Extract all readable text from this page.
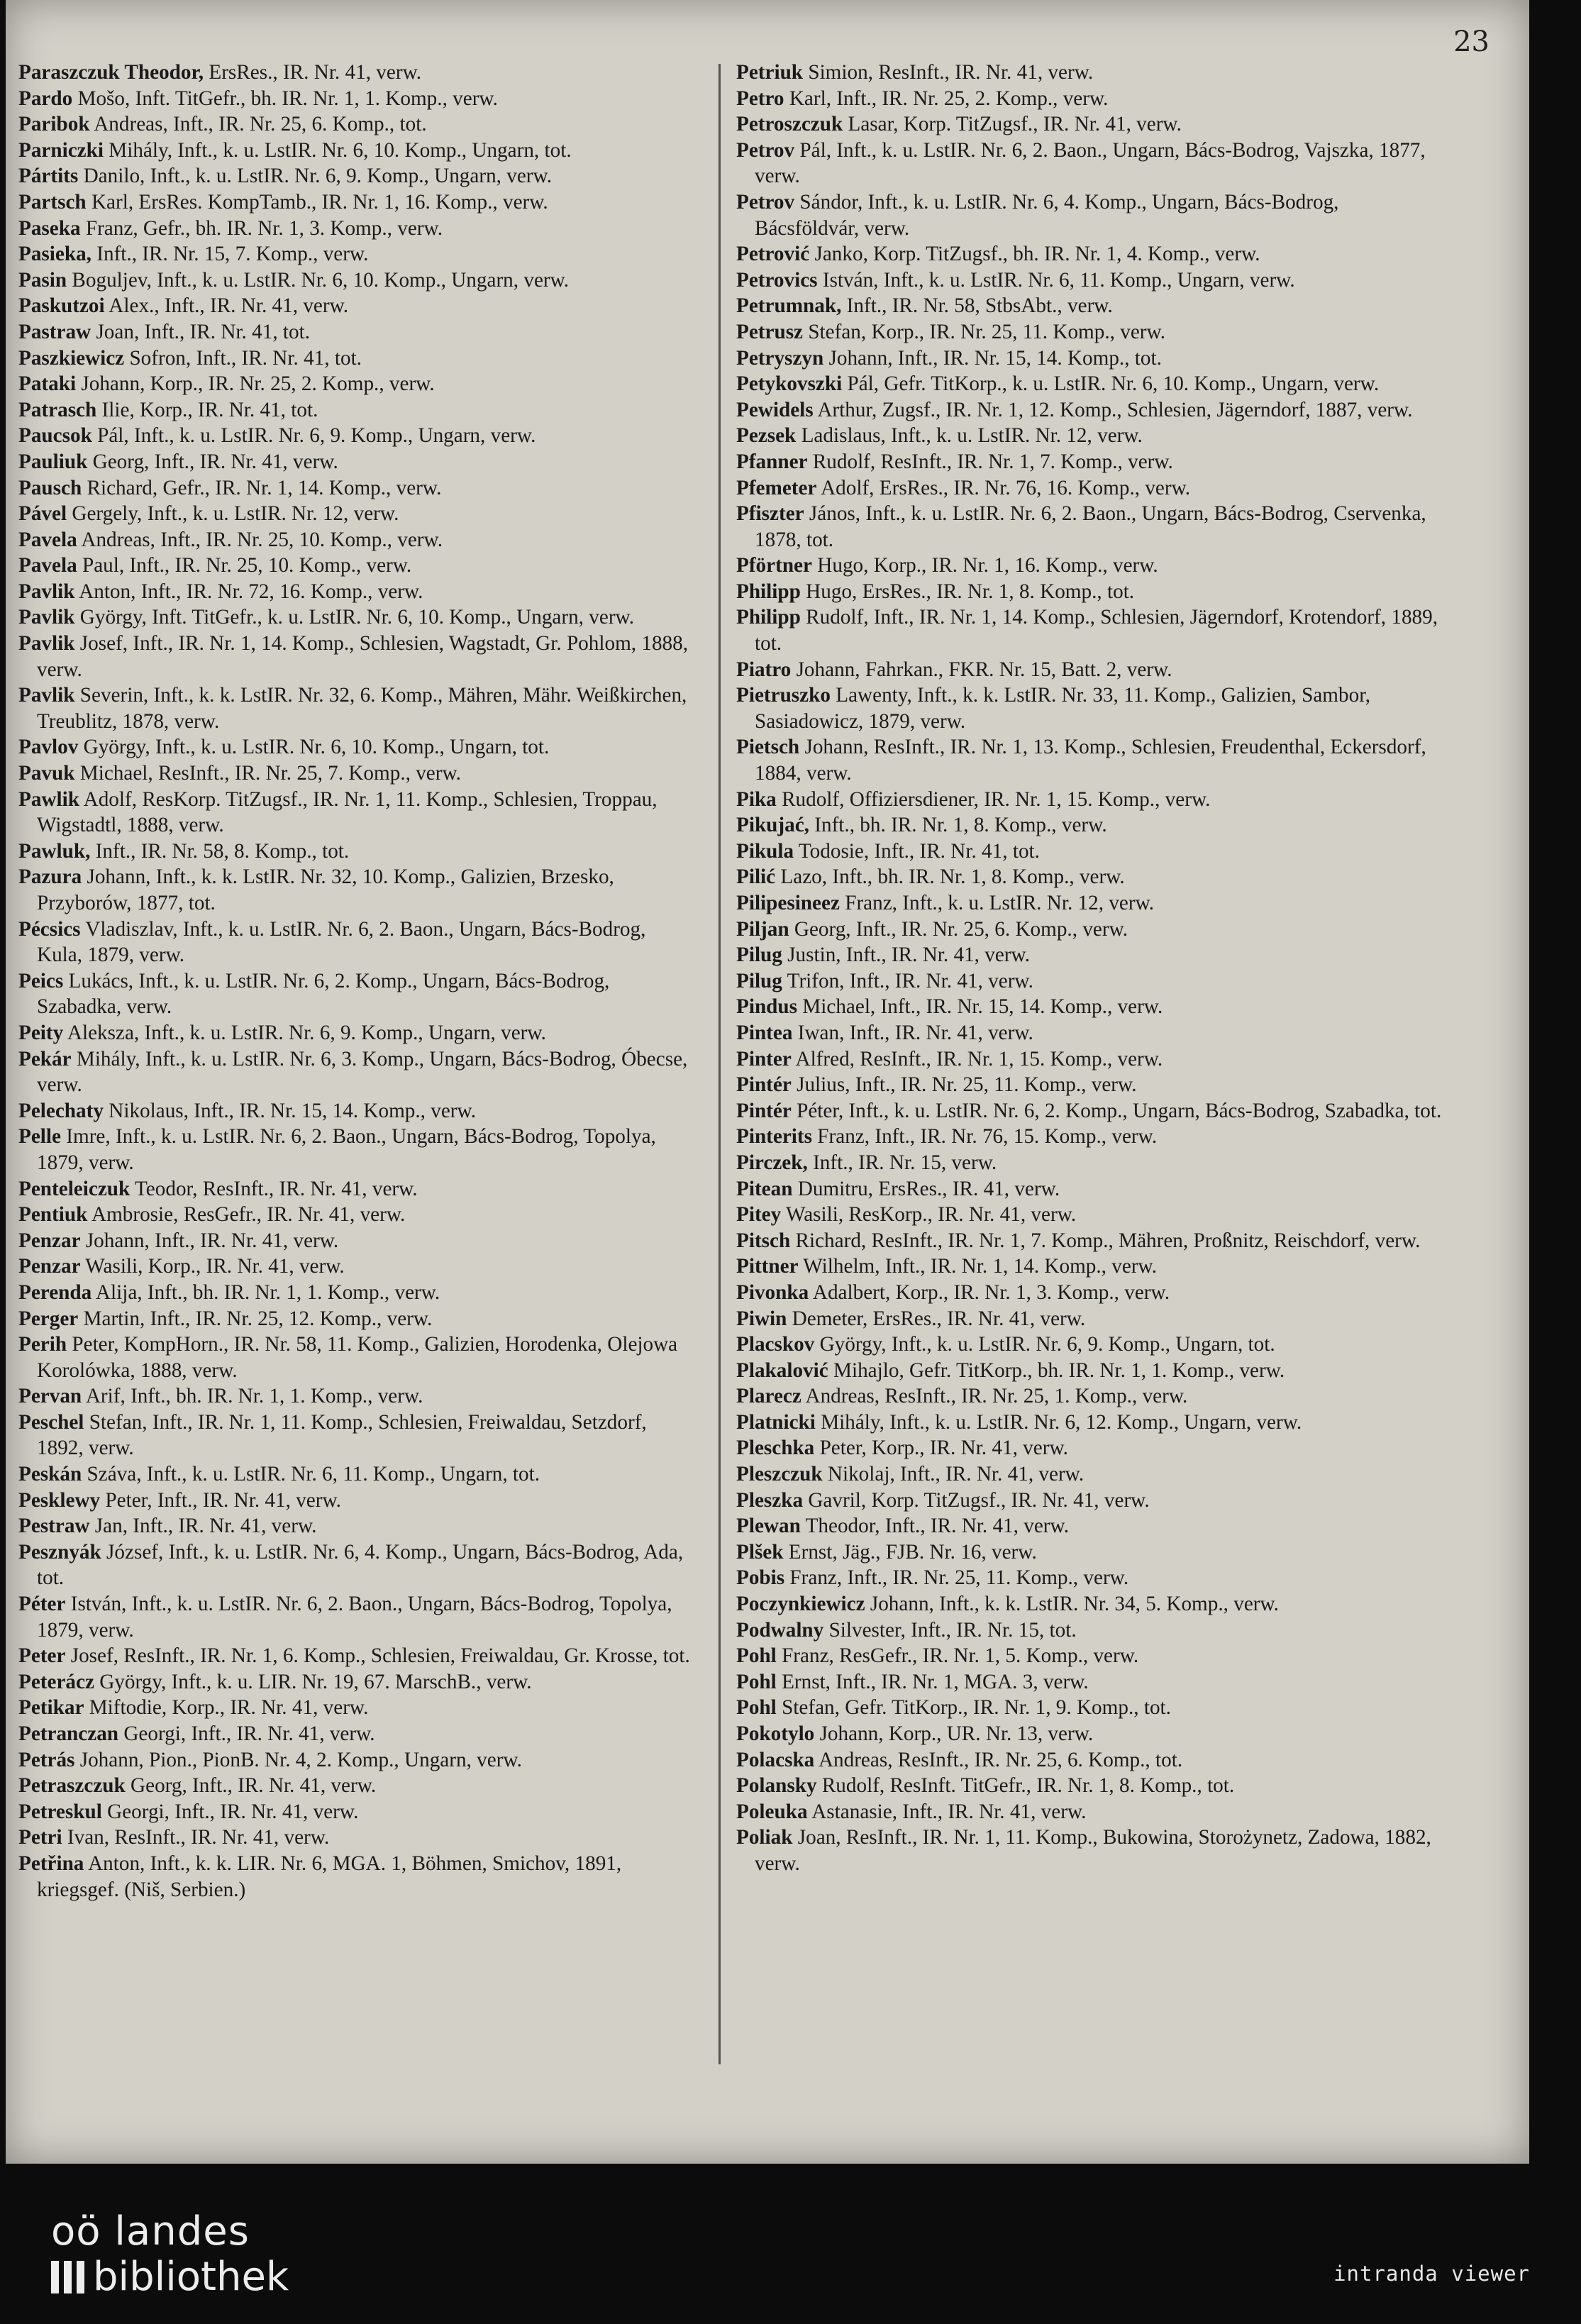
23

Paraszczuk Theodor, ErsRes., IR. Nr. 41, verw.

Pardo Mošo, Inft. TitGefr., bh. IR. Nr. 1, 1. Komp., verw.

Paribok Andreas, Inft., IR. Nr. 25, 6. Komp., tot.

Parniczki Mihály, Inft., k. u. LstIR. Nr. 6, 10. Komp., Ungarn, tot.

Pártits Danilo, Inft., k. u. LstIR. Nr. 6, 9. Komp., Ungarn, verw.

Partsch Karl, ErsRes. KompTamb., IR. Nr. 1, 16. Komp., verw.

Paseka Franz, Gefr., bh. IR. Nr. 1, 3. Komp., verw.

Pasieka, Inft., IR. Nr. 15, 7. Komp., verw.

Pasin Boguljev, Inft., k. u. LstIR. Nr. 6, 10. Komp., Ungarn, verw.

Paskutzoi Alex., Inft., IR. Nr. 41, verw.

Pastraw Joan, Inft., IR. Nr. 41, tot.

Paszkiewicz Sofron, Inft., IR. Nr. 41, tot.

Pataki Johann, Korp., IR. Nr. 25, 2. Komp., verw.

Patrasch Ilie, Korp., IR. Nr. 41, tot.

Paucsok Pál, Inft., k. u. LstIR. Nr. 6, 9. Komp., Ungarn, verw.

Pauliuk Georg, Inft., IR. Nr. 41, verw.

Pausch Richard, Gefr., IR. Nr. 1, 14. Komp., verw.

Pável Gergely, Inft., k. u. LstIR. Nr. 12, verw.

Pavela Andreas, Inft., IR. Nr. 25, 10. Komp., verw.

Pavela Paul, Inft., IR. Nr. 25, 10. Komp., verw.

Pavlik Anton, Inft., IR. Nr. 72, 16. Komp., verw.

Pavlik György, Inft. TitGefr., k. u. LstIR. Nr. 6, 10. Komp., Ungarn, verw.

Pavlik Josef, Inft., IR. Nr. 1, 14. Komp., Schlesien, Wagstadt, Gr. Pohlom, 1888, verw.

Pavlik Severin, Inft., k. k. LstIR. Nr. 32, 6. Komp., Mähren, Mähr. Weißkirchen, Treublitz, 1878, verw.

Pavlov György, Inft., k. u. LstIR. Nr. 6, 10. Komp., Ungarn, tot.

Pavuk Michael, ResInft., IR. Nr. 25, 7. Komp., verw.

Pawlik Adolf, ResKorp. TitZugsf., IR. Nr. 1, 11. Komp., Schlesien, Troppau, Wigstadtl, 1888, verw.

Pawluk, Inft., IR. Nr. 58, 8. Komp., tot.

Pazura Johann, Inft., k. k. LstIR. Nr. 32, 10. Komp., Galizien, Brzesko, Przyborów, 1877, tot.

Pécsics Vladiszlav, Inft., k. u. LstIR. Nr. 6, 2. Baon., Ungarn, Bács-Bodrog, Kula, 1879, verw.

Peics Lukács, Inft., k. u. LstIR. Nr. 6, 2. Komp., Ungarn, Bács-Bodrog, Szabadka, verw.

Peity Aleksza, Inft., k. u. LstIR. Nr. 6, 9. Komp., Ungarn, verw.

Pekár Mihály, Inft., k. u. LstIR. Nr. 6, 3. Komp., Ungarn, Bács-Bodrog, Óbecse, verw.

Pelechaty Nikolaus, Inft., IR. Nr. 15, 14. Komp., verw.

Pelle Imre, Inft., k. u. LstIR. Nr. 6, 2. Baon., Ungarn, Bács-Bodrog, Topolya, 1879, verw.

Penteleiczuk Teodor, ResInft., IR. Nr. 41, verw.

Pentiuk Ambrosie, ResGefr., IR. Nr. 41, verw.

Penzar Johann, Inft., IR. Nr. 41, verw.

Penzar Wasili, Korp., IR. Nr. 41, verw.

Perenda Alija, Inft., bh. IR. Nr. 1, 1. Komp., verw.

Perger Martin, Inft., IR. Nr. 25, 12. Komp., verw.

Perih Peter, KompHorn., IR. Nr. 58, 11. Komp., Galizien, Horodenka, Olejowa Korolówka, 1888, verw.

Pervan Arif, Inft., bh. IR. Nr. 1, 1. Komp., verw.

Peschel Stefan, Inft., IR. Nr. 1, 11. Komp., Schlesien, Freiwaldau, Setzdorf, 1892, verw.

Peskán Száva, Inft., k. u. LstIR. Nr. 6, 11. Komp., Ungarn, tot.

Pesklewy Peter, Inft., IR. Nr. 41, verw.

Pestraw Jan, Inft., IR. Nr. 41, verw.

Pesznyák József, Inft., k. u. LstIR. Nr. 6, 4. Komp., Ungarn, Bács-Bodrog, Ada, tot.

Péter István, Inft., k. u. LstIR. Nr. 6, 2. Baon., Ungarn, Bács-Bodrog, Topolya, 1879, verw.

Peter Josef, ResInft., IR. Nr. 1, 6. Komp., Schlesien, Freiwaldau, Gr. Krosse, tot.

Peterácz György, Inft., k. u. LIR. Nr. 19, 67. MarschB., verw.

Petikar Miftodie, Korp., IR. Nr. 41, verw.

Petranczan Georgi, Inft., IR. Nr. 41, verw.

Petrás Johann, Pion., PionB. Nr. 4, 2. Komp., Ungarn, verw.

Petraszczuk Georg, Inft., IR. Nr. 41, verw.

Petreskul Georgi, Inft., IR. Nr. 41, verw.

Petri Ivan, ResInft., IR. Nr. 41, verw.

Petřina Anton, Inft., k. k. LIR. Nr. 6, MGA. 1, Böhmen, Smichov, 1891, kriegsgef. (Niš, Serbien.)

Petriuk Simion, ResInft., IR. Nr. 41, verw.

Petro Karl, Inft., IR. Nr. 25, 2. Komp., verw.

Petroszczuk Lasar, Korp. TitZugsf., IR. Nr. 41, verw.

Petrov Pál, Inft., k. u. LstIR. Nr. 6, 2. Baon., Ungarn, Bács-Bodrog, Vajszka, 1877, verw.

Petrov Sándor, Inft., k. u. LstIR. Nr. 6, 4. Komp., Ungarn, Bács-Bodrog, Bácsföldvár, verw.

Petrović Janko, Korp. TitZugsf., bh. IR. Nr. 1, 4. Komp., verw.

Petrovics István, Inft., k. u. LstIR. Nr. 6, 11. Komp., Ungarn, verw.

Petrumnak, Inft., IR. Nr. 58, StbsAbt., verw.

Petrusz Stefan, Korp., IR. Nr. 25, 11. Komp., verw.

Petryszyn Johann, Inft., IR. Nr. 15, 14. Komp., tot.

Petykovszki Pál, Gefr. TitKorp., k. u. LstIR. Nr. 6, 10. Komp., Ungarn, verw.

Pewidels Arthur, Zugsf., IR. Nr. 1, 12. Komp., Schlesien, Jägerndorf, 1887, verw.

Pezsek Ladislaus, Inft., k. u. LstIR. Nr. 12, verw.

Pfanner Rudolf, ResInft., IR. Nr. 1, 7. Komp., verw.

Pfemeter Adolf, ErsRes., IR. Nr. 76, 16. Komp., verw.

Pfiszter János, Inft., k. u. LstIR. Nr. 6, 2. Baon., Ungarn, Bács-Bodrog, Cservenka, 1878, tot.

Pförtner Hugo, Korp., IR. Nr. 1, 16. Komp., verw.

Philipp Hugo, ErsRes., IR. Nr. 1, 8. Komp., tot.

Philipp Rudolf, Inft., IR. Nr. 1, 14. Komp., Schlesien, Jägerndorf, Krotendorf, 1889, tot.

Piatro Johann, Fahrkan., FKR. Nr. 15, Batt. 2, verw.

Pietruszko Lawenty, Inft., k. k. LstIR. Nr. 33, 11. Komp., Galizien, Sambor, Sasiadowicz, 1879, verw.

Pietsch Johann, ResInft., IR. Nr. 1, 13. Komp., Schlesien, Freudenthal, Eckersdorf, 1884, verw.

Pika Rudolf, Offiziersdiener, IR. Nr. 1, 15. Komp., verw.

Pikujać, Inft., bh. IR. Nr. 1, 8. Komp., verw.

Pikula Todosie, Inft., IR. Nr. 41, tot.

Pilić Lazo, Inft., bh. IR. Nr. 1, 8. Komp., verw.

Pilipesineez Franz, Inft., k. u. LstIR. Nr. 12, verw.

Piljan Georg, Inft., IR. Nr. 25, 6. Komp., verw.

Pilug Justin, Inft., IR. Nr. 41, verw.

Pilug Trifon, Inft., IR. Nr. 41, verw.

Pindus Michael, Inft., IR. Nr. 15, 14. Komp., verw.

Pintea Iwan, Inft., IR. Nr. 41, verw.

Pinter Alfred, ResInft., IR. Nr. 1, 15. Komp., verw.

Pintér Julius, Inft., IR. Nr. 25, 11. Komp., verw.

Pintér Péter, Inft., k. u. LstIR. Nr. 6, 2. Komp., Ungarn, Bács-Bodrog, Szabadka, tot.

Pinterits Franz, Inft., IR. Nr. 76, 15. Komp., verw.

Pirczek, Inft., IR. Nr. 15, verw.

Pitean Dumitru, ErsRes., IR. 41, verw.

Pitey Wasili, ResKorp., IR. Nr. 41, verw.

Pitsch Richard, ResInft., IR. Nr. 1, 7. Komp., Mähren, Proßnitz, Reischdorf, verw.

Pittner Wilhelm, Inft., IR. Nr. 1, 14. Komp., verw.

Pivonka Adalbert, Korp., IR. Nr. 1, 3. Komp., verw.

Piwin Demeter, ErsRes., IR. Nr. 41, verw.

Placskov György, Inft., k. u. LstIR. Nr. 6, 9. Komp., Ungarn, tot.

Plakalović Mihajlo, Gefr. TitKorp., bh. IR. Nr. 1, 1. Komp., verw.

Plarecz Andreas, ResInft., IR. Nr. 25, 1. Komp., verw.

Platnicki Mihály, Inft., k. u. LstIR. Nr. 6, 12. Komp., Ungarn, verw.

Pleschka Peter, Korp., IR. Nr. 41, verw.

Pleszczuk Nikolaj, Inft., IR. Nr. 41, verw.

Pleszka Gavril, Korp. TitZugsf., IR. Nr. 41, verw.

Plewan Theodor, Inft., IR. Nr. 41, verw.

Plšek Ernst, Jäg., FJB. Nr. 16, verw.

Pobis Franz, Inft., IR. Nr. 25, 11. Komp., verw.

Poczynkiewicz Johann, Inft., k. k. LstIR. Nr. 34, 5. Komp., verw.

Podwalny Silvester, Inft., IR. Nr. 15, tot.

Pohl Franz, ResGefr., IR. Nr. 1, 5. Komp., verw.

Pohl Ernst, Inft., IR. Nr. 1, MGA. 3, verw.

Pohl Stefan, Gefr. TitKorp., IR. Nr. 1, 9. Komp., tot.

Pokotylo Johann, Korp., UR. Nr. 13, verw.

Polacska Andreas, ResInft., IR. Nr. 25, 6. Komp., tot.

Polansky Rudolf, ResInft. TitGefr., IR. Nr. 1, 8. Komp., tot.

Poleuka Astanasie, Inft., IR. Nr. 41, verw.

Poliak Joan, ResInft., IR. Nr. 1, 11. Komp., Bukowina, Storożynetz, Zadowa, 1882, verw.

oö landes
bibliothek	intranda viewer
